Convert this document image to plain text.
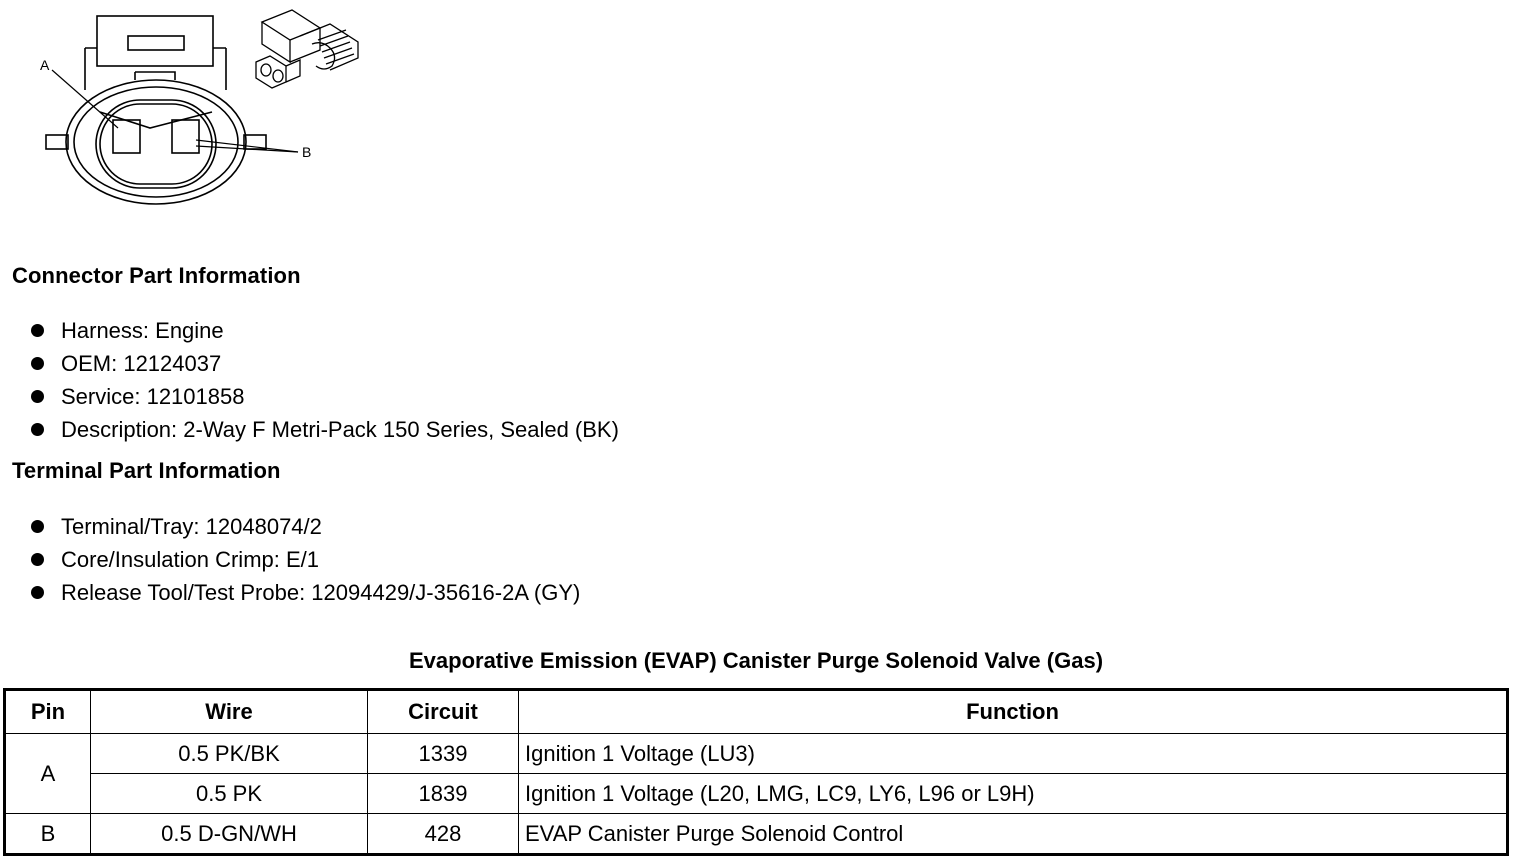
A
B
Connector Part Information
Harness: Engine
OEM: 12124037
Service: 12101858
Description: 2-Way F Metri-Pack 150 Series, Sealed (BK)
Terminal Part Information
Terminal/Tray: 12048074/2
Core/Insulation Crimp: E/1
Release Tool/Test Probe: 12094429/J-35616-2A (GY)
Evaporative Emission (EVAP) Canister Purge Solenoid Valve (Gas)
Pin	Wire	Circuit	Function
A	0.5 PK/BK	1339	Ignition 1 Voltage (LU3)
	0.5 PK	1839	Ignition 1 Voltage (L20, LMG, LC9, LY6, L96 or L9H)
B	0.5 D-GN/WH	428	EVAP Canister Purge Solenoid Control
